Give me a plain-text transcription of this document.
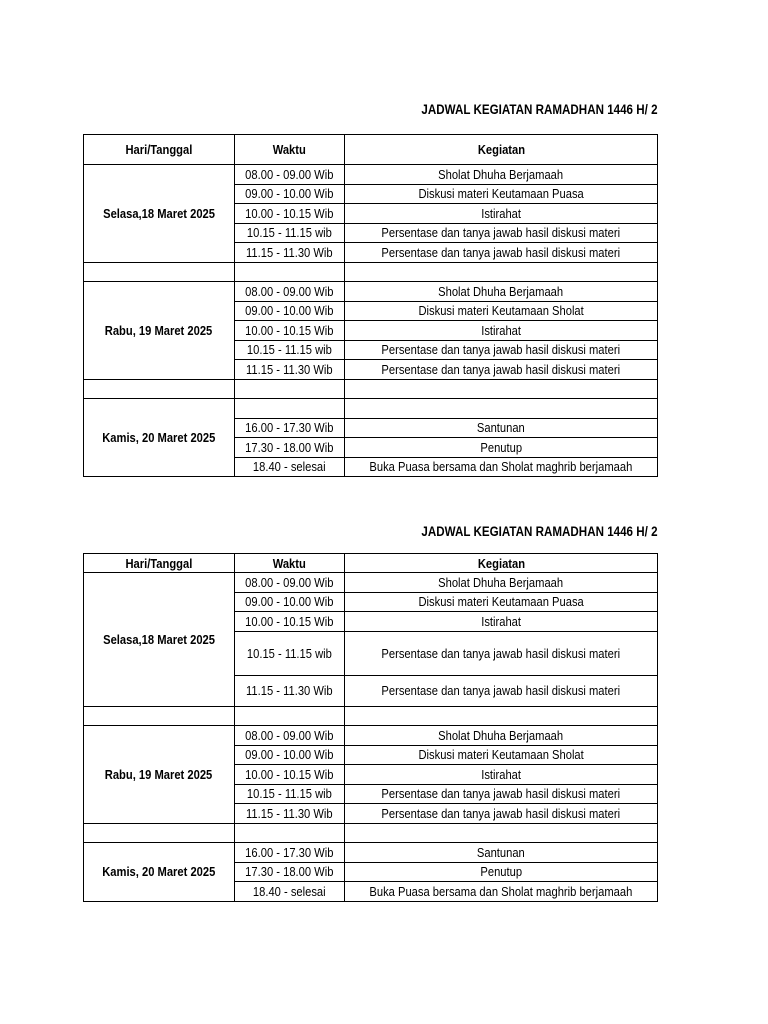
JADWAL KEGIATAN RAMADHAN 1446 H/ 2
Hari/Tanggal	Waktu	Kegiatan
Selasa,18 Maret 2025	08.00 - 09.00 Wib	Sholat Dhuha Berjamaah
	09.00 - 10.00 Wib	Diskusi materi Keutamaan Puasa
	10.00 - 10.15 Wib	Istirahat
	10.15 - 11.15 wib	Persentase dan tanya jawab hasil diskusi materi
	11.15 - 11.30 Wib	Persentase dan tanya jawab hasil diskusi materi

Rabu, 19 Maret 2025	08.00 - 09.00 Wib	Sholat Dhuha Berjamaah
	09.00 - 10.00 Wib	Diskusi materi Keutamaan Sholat
	10.00 - 10.15 Wib	Istirahat
	10.15 - 11.15 wib	Persentase dan tanya jawab hasil diskusi materi
	11.15 - 11.30 Wib	Persentase dan tanya jawab hasil diskusi materi

Kamis, 20 Maret 2025		
	16.00 - 17.30 Wib	Santunan
	17.30 - 18.00 Wib	Penutup
	18.40 - selesai	Buka Puasa bersama dan Sholat maghrib berjamaah
JADWAL KEGIATAN RAMADHAN 1446 H/ 2
Hari/Tanggal	Waktu	Kegiatan
Selasa,18 Maret 2025	08.00 - 09.00 Wib	Sholat Dhuha Berjamaah
	09.00 - 10.00 Wib	Diskusi materi Keutamaan Puasa
	10.00 - 10.15 Wib	Istirahat
	10.15 - 11.15 wib	Persentase dan tanya jawab hasil diskusi materi
	11.15 - 11.30 Wib	Persentase dan tanya jawab hasil diskusi materi

Rabu, 19 Maret 2025	08.00 - 09.00 Wib	Sholat Dhuha Berjamaah
	09.00 - 10.00 Wib	Diskusi materi Keutamaan Sholat
	10.00 - 10.15 Wib	Istirahat
	10.15 - 11.15 wib	Persentase dan tanya jawab hasil diskusi materi
	11.15 - 11.30 Wib	Persentase dan tanya jawab hasil diskusi materi

Kamis, 20 Maret 2025	16.00 - 17.30 Wib	Santunan
	17.30 - 18.00 Wib	Penutup
	18.40 - selesai	Buka Puasa bersama dan Sholat maghrib berjamaah
